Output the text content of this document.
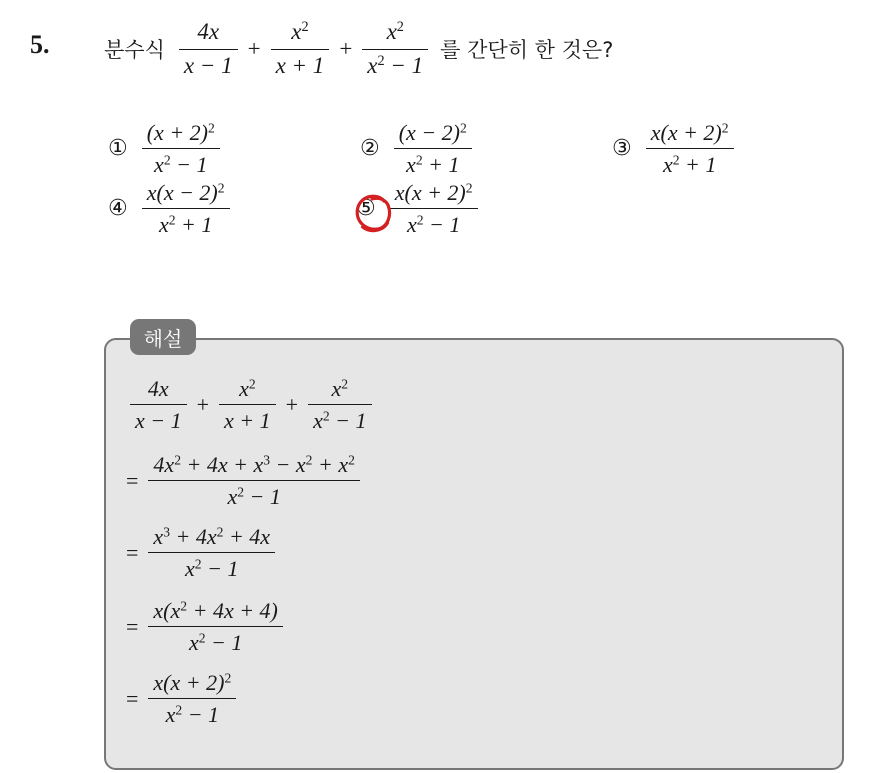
5.	분수식 $\frac{4x}{x - 1} + \frac{x^2}{x + 1} + \frac{x^2}{x^2 - 1}$ 를 간단히 한 것은?
① $\frac{(x + 2)^2}{x^2 - 1}$	② $\frac{(x - 2)^2}{x^2 + 1}$	③ $\frac{x(x + 2)^2}{x^2 + 1}$
④ $\frac{x(x - 2)^2}{x^2 + 1}$	⑤ $\frac{x(x + 2)^2}{x^2 - 1}$
해설
$\frac{4x}{x - 1} + \frac{x^2}{x + 1} + \frac{x^2}{x^2 - 1}$
= $\frac{4x^2 + 4x + x^3 - x^2 + x^2}{x^2 - 1}$
= $\frac{x^3 + 4x^2 + 4x}{x^2 - 1}$
= $\frac{x(x^2 + 4x + 4)}{x^2 - 1}$
= $\frac{x(x + 2)^2}{x^2 - 1}$
